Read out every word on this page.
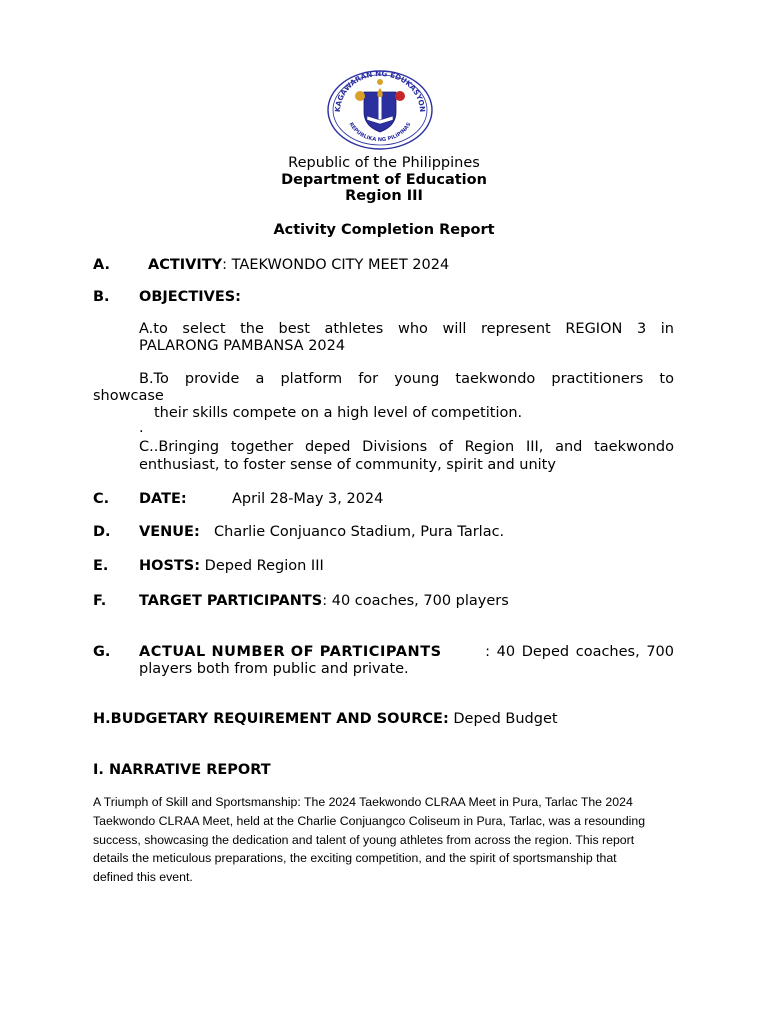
KAGAWARAN NG EDUKASYON
REPUBLIKA NG PILIPINAS
Republic of the Philippines
Department of Education
Region III
Activity Completion Report
A.	ACTIVITY: TAEKWONDO CITY MEET 2024
B. OBJECTIVES:
A.to select the best athletes who will represent REGION 3 in
PALARONG PAMBANSA 2024
B.To provide a platform for young taekwondo practitioners to
showcase
their skills compete on a high level of competition.
.
C..Bringing together deped Divisions of Region III, and taekwondo
enthusiast, to foster sense of community, spirit and unity
C. DATE:	April 28-May 3, 2024
D. VENUE: Charlie Conjuanco Stadium, Pura Tarlac.
E. HOSTS: Deped Region III
F. TARGET PARTICIPANTS: 40 coaches, 700 players
G. ACTUAL NUMBER OF PARTICIPANTS	: 40 Deped coaches, 700
players both from public and private.
H.BUDGETARY REQUIREMENT AND SOURCE: Deped Budget
I. NARRATIVE REPORT
A Triumph of Skill and Sportsmanship: The 2024 Taekwondo CLRAA Meet in Pura, Tarlac The 2024
Taekwondo CLRAA Meet, held at the Charlie Conjuangco Coliseum in Pura, Tarlac, was a resounding
success, showcasing the dedication and talent of young athletes from across the region. This report
details the meticulous preparations, the exciting competition, and the spirit of sportsmanship that
defined this event.
